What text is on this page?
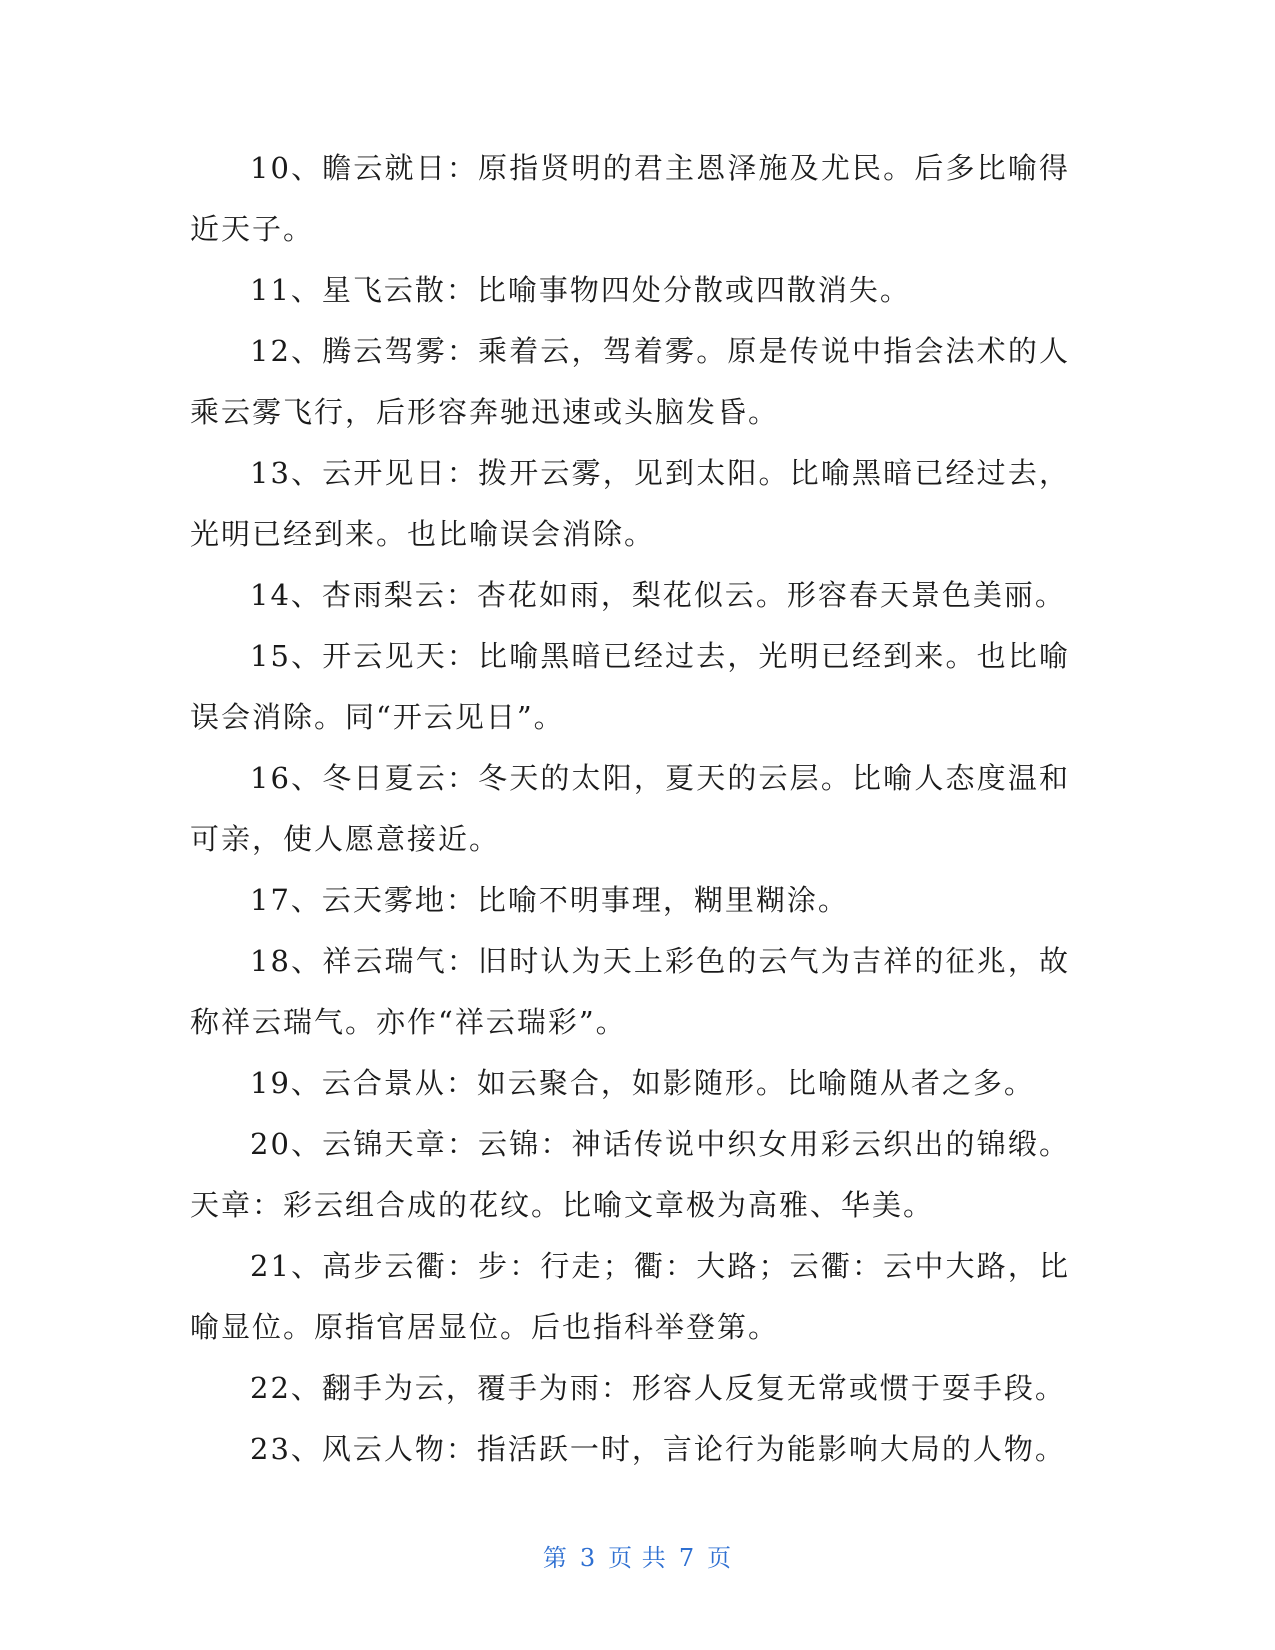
10、瞻云就日：原指贤明的君主恩泽施及尤民。后多比喻得近天子。

11、星飞云散：比喻事物四处分散或四散消失。

12、腾云驾雾：乘着云，驾着雾。原是传说中指会法术的人乘云雾飞行，后形容奔驰迅速或头脑发昏。

13、云开见日：拨开云雾，见到太阳。比喻黑暗已经过去，光明已经到来。也比喻误会消除。

14、杏雨梨云：杏花如雨，梨花似云。形容春天景色美丽。

15、开云见天：比喻黑暗已经过去，光明已经到来。也比喻误会消除。同“开云见日”。

16、冬日夏云：冬天的太阳，夏天的云层。比喻人态度温和可亲，使人愿意接近。

17、云天雾地：比喻不明事理，糊里糊涂。

18、祥云瑞气：旧时认为天上彩色的云气为吉祥的征兆，故称祥云瑞气。亦作“祥云瑞彩”。

19、云合景从：如云聚合，如影随形。比喻随从者之多。

20、云锦天章：云锦：神话传说中织女用彩云织出的锦缎。天章：彩云组合成的花纹。比喻文章极为高雅、华美。

21、高步云衢：步：行走；衢：大路；云衢：云中大路，比喻显位。原指官居显位。后也指科举登第。

22、翻手为云，覆手为雨：形容人反复无常或惯于耍手段。

23、风云人物：指活跃一时，言论行为能影响大局的人物。

第 3 页 共 7 页
